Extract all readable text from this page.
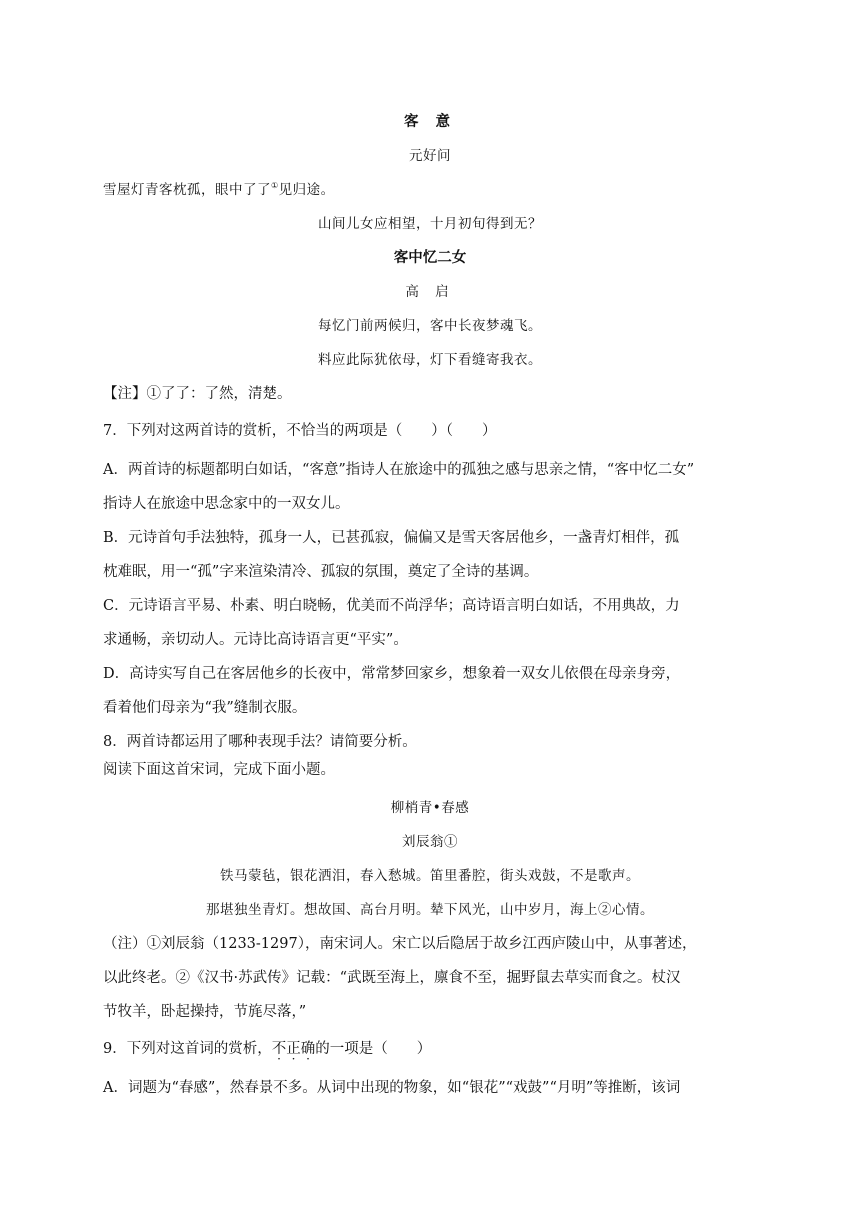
客 意
元好问
雪屋灯青客枕孤，眼中了了①见归途。
山间儿女应相望，十月初旬得到无？
客中忆二女
高 启
每忆门前两候归，客中长夜梦魂飞。
料应此际犹依母，灯下看缝寄我衣。
【注】①了了：了然，清楚。
7．下列对这两首诗的赏析，不恰当的两项是（　　）（　　）
A．两首诗的标题都明白如话，“客意”指诗人在旅途中的孤独之感与思亲之情，“客中忆二女”
指诗人在旅途中思念家中的一双女儿。
B．元诗首句手法独特，孤身一人，已甚孤寂，偏偏又是雪天客居他乡，一盏青灯相伴，孤
枕难眠，用一“孤”字来渲染清冷、孤寂的氛围，奠定了全诗的基调。
C．元诗语言平易、朴素、明白晓畅，优美而不尚浮华；高诗语言明白如话，不用典故，力
求通畅，亲切动人。元诗比高诗语言更“平实”。
D．高诗实写自己在客居他乡的长夜中，常常梦回家乡，想象着一双女儿依偎在母亲身旁，
看着他们母亲为“我”缝制衣服。
8．两首诗都运用了哪种表现手法？请简要分析。
阅读下面这首宋词，完成下面小题。
柳梢青•春感
刘辰翁①
铁马蒙毡，银花洒泪，春入愁城。笛里番腔，街头戏鼓，不是歌声。
那堪独坐青灯。想故国、高台月明。辇下风光，山中岁月，海上②心情。
（注）①刘辰翁（1233-1297），南宋词人。宋亡以后隐居于故乡江西庐陵山中，从事著述，
以此终老。②《汉书·苏武传》记载：“武既至海上，廪食不至，掘野鼠去草实而食之。杖汉
节牧羊，卧起操持，节旄尽落，”
9．下列对这首词的赏析，不正确的一项是（　　）
A．词题为“春感”，然春景不多。从词中出现的物象，如“银花”“戏鼓”“月明”等推断，该词
